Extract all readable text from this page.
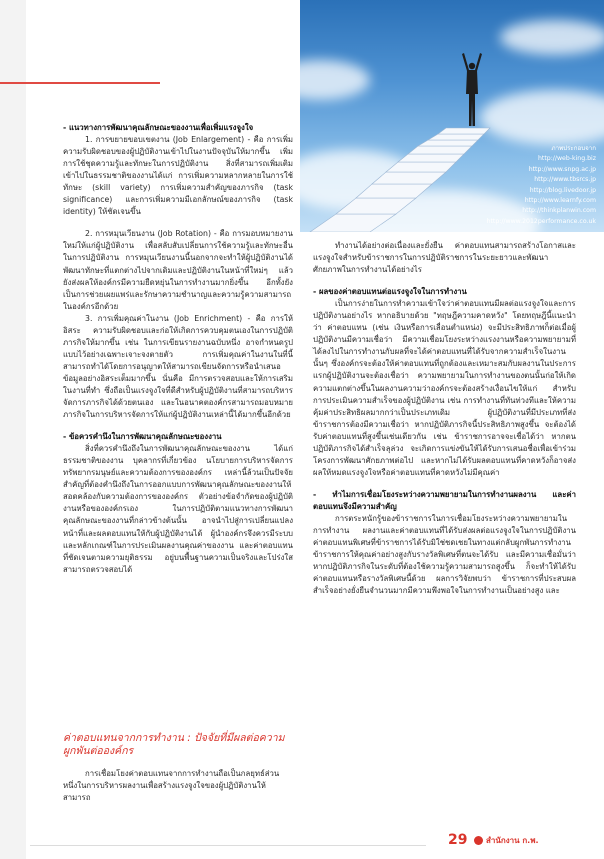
ภาพประกอบจาก
http://web-king.biz
http://www.snpg.ac.jp
http://www.tbsrcs.jp
http://blog.livedoor.jp
http://www.learnfy.com
http://thinkplanwin.com
http://www.2012performance.co.uk

- แนวทางการพัฒนาคุณลักษณะของงานเพื่อเพิ่มแรงจูงใจ

1. การขยายขอบเขตงาน (Job Enlargement) - คือ การเพิ่มความรับผิดชอบของผู้ปฏิบัติงานเข้าไปในงานปัจจุบันให้มากขึ้น เพิ่มการใช้ชุดความรู้และทักษะในการปฏิบัติงาน สิ่งที่สามารถเพิ่มเติมเข้าไปในธรรมชาติของงานได้แก่ การเพิ่มความหลากหลายในการใช้ทักษะ (skill variety) การเพิ่มความสำคัญของภารกิจ (task significance) และการเพิ่มความมีเอกลักษณ์ของภารกิจ (task identity) ให้ชัดเจนขึ้น

2. การหมุนเวียนงาน (Job Rotation) - คือ การมอบหมายงานใหม่ให้แก่ผู้ปฏิบัติงาน เพื่อสลับสับเปลี่ยนการใช้ความรู้และทักษะอื่นในการปฏิบัติงาน การหมุนเวียนงานนี้นอกจากจะทำให้ผู้ปฏิบัติงานได้พัฒนาทักษะที่แตกต่างไปจากเดิมและปฏิบัติงานในหน้าที่ใหม่ๆ แล้ว ยังส่งผลให้องค์กรมีความยืดหยุ่นในการทำงานมากยิ่งขึ้น อีกทั้งยังเป็นการช่วยเผยแพร่และรักษาความชำนาญและความรู้ความสามารถในองค์กรอีกด้วย

3. การเพิ่มคุณค่าในงาน (Job Enrichment) - คือ การให้อิสระ ความรับผิดชอบและก่อให้เกิดการควบคุมตนเองในการปฏิบัติภารกิจให้มากขึ้น เช่น ในการเขียนรายงานฉบับหนึ่ง อาจกำหนดรูปแบบไว้อย่างเฉพาะเจาะจงตายตัว การเพิ่มคุณค่าในงานในที่นี้สามารถทำได้โดยการอนุญาตให้สามารถเขียนจัดการหรือนำเสนอข้อมูลอย่างอิสระเต็มมากขึ้น นั่นคือ มีการตรวจสอบและให้การเสริมในงานที่ทำ ซึ่งถือเป็นแรงจูงใจที่ดีสำหรับผู้ปฏิบัติงานที่สามารถบริหารจัดการภารกิจได้ด้วยตนเอง และในอนาคตองค์กรสามารถมอบหมายภารกิจในการบริหารจัดการให้แก่ผู้ปฏิบัติงานเหล่านี้ได้มากขึ้นอีกด้วย

- ข้อควรคำนึงในการพัฒนาคุณลักษณะของงาน

สิ่งที่ควรคำนึงถึงในการพัฒนาคุณลักษณะของงาน ได้แก่ ธรรมชาติของงาน บุคลากรที่เกี่ยวข้อง นโยบายการบริหารจัดการทรัพยากรมนุษย์และความต้องการขององค์กร เหล่านี้ล้วนเป็นปัจจัยสำคัญที่ต้องคำนึงถึงในการออกแบบการพัฒนาคุณลักษณะของงานให้สอดคล้องกับความต้องการขององค์กร ตัวอย่างข้อจำกัดของผู้ปฏิบัติงานหรือขององค์กรเอง ในการปฏิบัติตามแนวทางการพัฒนาคุณลักษณะของงานที่กล่าวข้างต้นนั้น อาจนำไปสู่การเปลี่ยนแปลงหน้าที่และผลตอบแทนให้กับผู้ปฏิบัติงานได้ ผู้นำองค์กรจึงควรมีระบบและหลักเกณฑ์ในการประเมินผลงานคุณค่าของงาน และค่าตอบแทนที่ชัดเจนตามความยุติธรรม อยู่บนพื้นฐานความเป็นจริงและโปร่งใสสามารถตรวจสอบได้

ค่าตอบแทนจากการทำงาน : ปัจจัยที่มีผลต่อความผูกพันต่อองค์กร

การเชื่อมโยงค่าตอบแทนจากการทำงานถือเป็นกลยุทธ์ส่วนหนึ่งในการบริหารผลงานเพื่อสร้างแรงจูงใจของผู้ปฏิบัติงานให้สามารถ

ทำงานได้อย่างต่อเนื่องและยั่งยืน ค่าตอบแทนสามารถสร้างโอกาสและแรงจูงใจสำหรับข้าราชการในการปฏิบัติราชการในระยะยาวและพัฒนาศักยภาพในการทำงานได้อย่างไร

- ผลของค่าตอบแทนต่อแรงจูงใจในการทำงาน

เป็นการง่ายในการทำความเข้าใจว่าค่าตอบแทนมีผลต่อแรงจูงใจและการปฏิบัติงานอย่างไร หากอธิบายด้วย "ทฤษฎีความคาดหวัง" โดยทฤษฎีนี้แนะนำว่า ค่าตอบแทน (เช่น เงินหรือการเลื่อนตำแหน่ง) จะมีประสิทธิภาพก็ต่อเมื่อผู้ปฏิบัติงานมีความเชื่อว่า มีความเชื่อมโยงระหว่างแรงงานหรือความพยายามที่ได้ลงไปในการทำงานกับผลที่จะได้ค่าตอบแทนที่ได้รับจากความสำเร็จในงานนั้นๆ ซึ่งองค์กรจะต้องให้ค่าตอบแทนที่ถูกต้องและเหมาะสมกับผลงานในประการแรกผู้ปฏิบัติงานจะต้องเชื่อว่า ความพยายามในการทำงานของตนนั้นก่อให้เกิดความแตกต่างขึ้นในผลงานความว่าองค์กรจะต้องสร้างเงื่อนไขให้แก่ สำหรับการประเมินความสำเร็จของผู้ปฏิบัติงาน เช่น การทำงานที่ทันท่วงทีและให้ความคุ้มค่าประสิทธิผลมากกว่าเป็นประเภทเดิม ผู้ปฏิบัติงานที่มีประเภทที่ส่งข้าราชการต้องมีความเชื่อว่า หากปฏิบัติภารกิจนี้ประสิทธิภาพสูงขึ้น จะต้องได้รับค่าตอบแทนที่สูงขึ้นเช่นเดียวกัน เช่น ข้าราชการอาจจะเชื่อได้ว่า หากตนปฏิบัติภารกิจได้สำเร็จลุล่วง จะเกิดการแข่งขันให้ได้รับการเสนอชื่อเพื่อเข้าร่วมโครงการพัฒนาศักยภาพต่อไป และหากไม่ได้รับผลตอบแทนที่คาดหวังก็อาจส่งผลให้หมดแรงจูงใจหรือค่าตอบแทนที่คาดหวังไม่มีคุณค่า

- ทำไมการเชื่อมโยงระหว่างความพยายามในการทำงานผลงาน และค่าตอบแทนจึงมีความสำคัญ

การตระหนักรู้ของข้าราชการในการเชื่อมโยงระหว่างความพยายามในการทำงาน ผลงานและค่าตอบแทนที่ได้รับส่งผลต่อแรงจูงใจในการปฏิบัติงาน ค่าตอบแทนพิเศษที่ข้าราชการได้รับมิใช่ชดเชยในทางแต่กลับผูกพันการทำงานข้าราชการให้คุณค่าอย่างสูงกับรางวัลพิเศษที่ตนจะได้รับ และมีความเชื่อมั่นว่าหากปฏิบัติภารกิจในระดับที่ต้องใช้ความรู้ความสามารถสูงขึ้น ก็จะทำให้ได้รับค่าตอบแทนหรือรางวัลพิเศษนี้ด้วย ผลการวิจัยพบว่า ข้าราชการที่ประสบผลสำเร็จอย่างยั่งยืนจำนวนมากมีความพึงพอใจในการทำงานเป็นอย่างสูง และ

29	สำนักงาน ก.พ.
